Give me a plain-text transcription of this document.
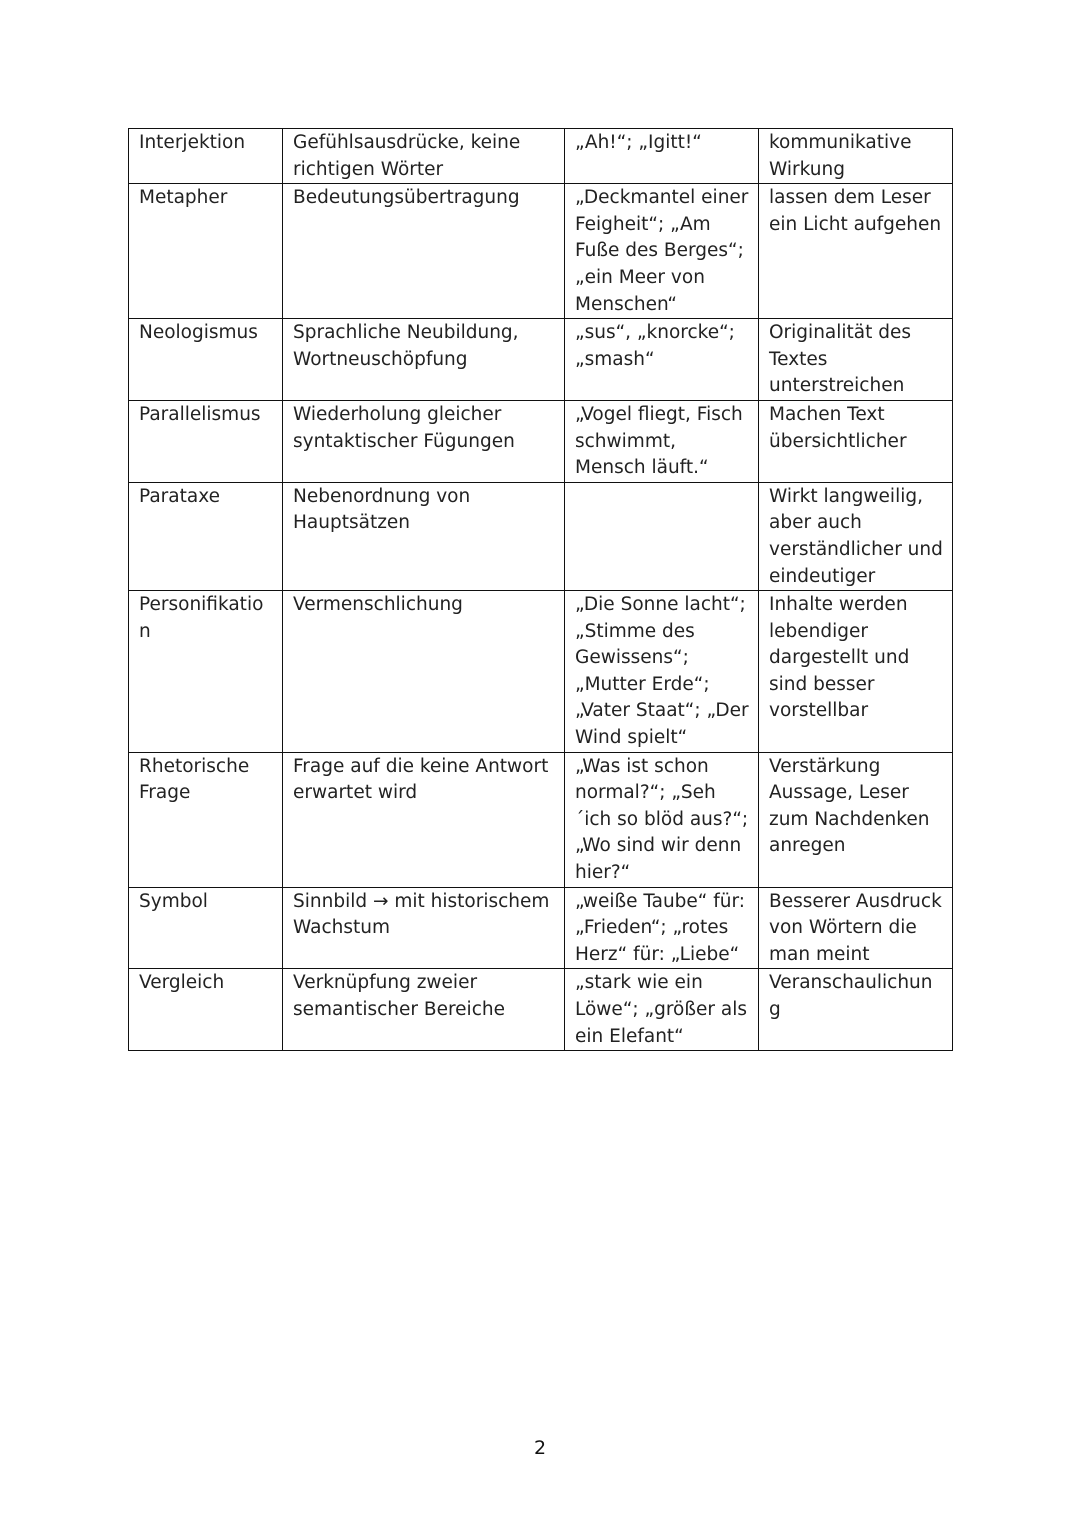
Interjektion	Gefühlsausdrücke, keine richtigen Wörter	„Ah!“; „Igitt!“	kommunikative Wirkung
Metapher	Bedeutungsübertragung	„Deckmantel einer Feigheit“; „Am Fuße des Berges“; „ein Meer von Menschen“	lassen dem Leser ein Licht aufgehen
Neologismus	Sprachliche Neubildung, Wortneuschöpfung	„sus“, „knorcke“; „smash“	Originalität des Textes unterstreichen
Parallelismus	Wiederholung gleicher syntaktischer Fügungen	„Vogel fliegt, Fisch schwimmt, Mensch läuft.“	Machen Text übersichtlicher
Parataxe	Nebenordnung von Hauptsätzen		Wirkt langweilig, aber auch verständlicher und eindeutiger
Personifikation	Vermenschlichung	„Die Sonne lacht“; „Stimme des Gewissens“; „Mutter Erde“; „Vater Staat“; „Der Wind spielt“	Inhalte werden lebendiger dargestellt und sind besser vorstellbar
Rhetorische Frage	Frage auf die keine Antwort erwartet wird	„Was ist schon normal?“; „Seh´ich so blöd aus?“; „Wo sind wir denn hier?“	Verstärkung Aussage, Leser zum Nachdenken anregen
Symbol	Sinnbild → mit historischem Wachstum	„weiße Taube“ für: „Frieden“; „rotes Herz“ für: „Liebe“	Besserer Ausdruck von Wörtern die man meint
Vergleich	Verknüpfung zweier semantischer Bereiche	„stark wie ein Löwe“; „größer als ein Elefant“	Veranschaulichung
2
